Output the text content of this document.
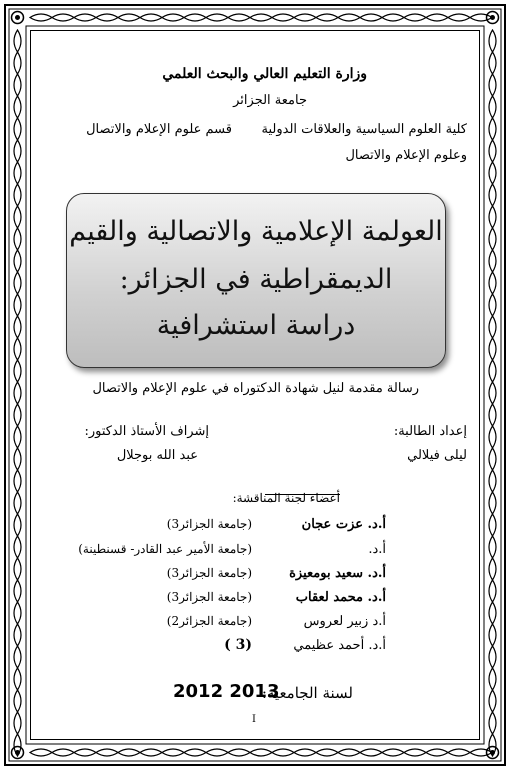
وزارة التعليم العالي والبحث العلمي
جامعة الجزائر
كلية العلوم السياسية والعلاقات الدولية
قسم علوم الإعلام والاتصال
وعلوم الإعلام والاتصال
العولمة الإعلامية والاتصالية والقيم
الديمقراطية في الجزائر:
دراسة استشرافية
رسالة مقدمة لنيل شهادة الدكتوراه في علوم الإعلام والاتصال
إعداد الطالبة:
إشراف الأستاذ الدكتور:
ليلى فيلالي
عبد الله بوجلال
أعضاء لجنة المناقشة:
أ.د. عزت عجان
(جامعة الجزائر3)
أ.د.
(جامعة الأمير عبد القادر- قسنطينة)
أ.د. سعيد بومعيزة
(جامعة الجزائر3)
أ.د. محمد لعقاب
(جامعة الجزائر3)
أ.د زبير لعروس
(جامعة الجزائر2)
أ.د. أحمد عظيمي
(3 )
لسنة الجامعية:
2012 2013
I
